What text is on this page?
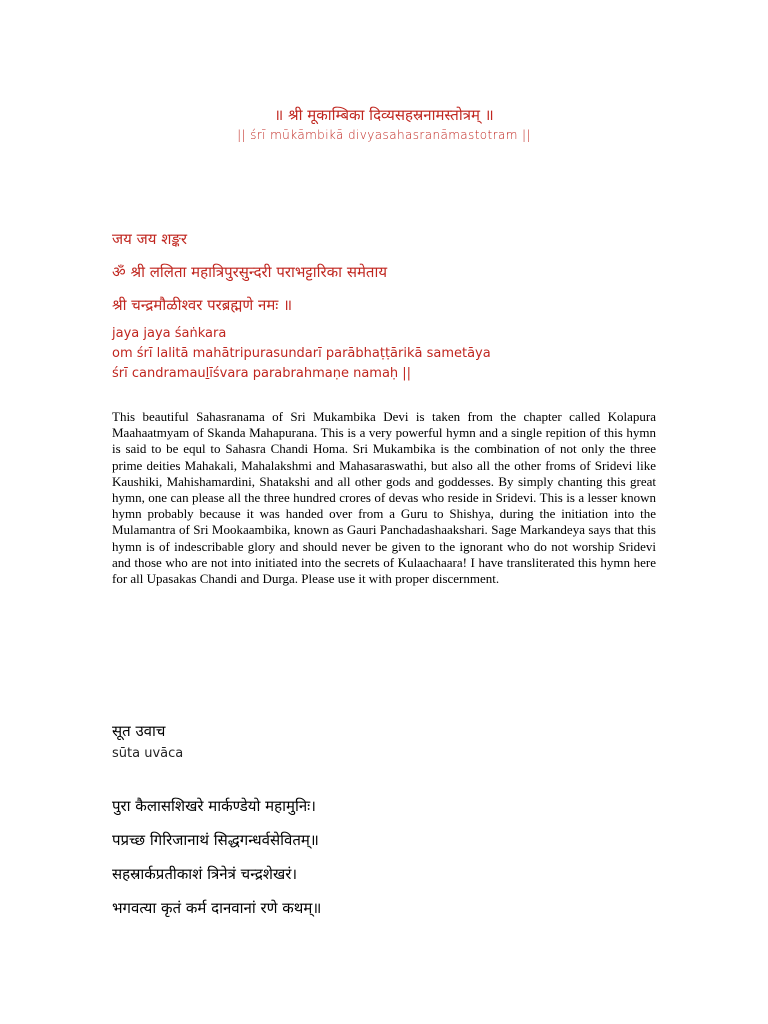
॥ श्री मूकाम्बिका दिव्यसहस्रनामस्तोत्रम् ॥
|| śrī mūkāmbikā divyasahasranāmastotram ||
जय जय शङ्कर
ॐ श्री ललिता महात्रिपुरसुन्दरी पराभट्टारिका समेताय
श्री चन्द्रमौळीश्वर परब्रह्मणे नमः ॥
jaya jaya śaṅkara
om śrī lalitā mahātripurasundarī parābhaṭṭārikā sametāya
śrī candramauḻīśvara parabrahmaṇe namaḥ ||
This beautiful Sahasranama of Sri Mukambika Devi is taken from the chapter called Kolapura Maahaatmyam of Skanda Mahapurana. This is a very powerful hymn and a single repition of this hymn is said to be equl to Sahasra Chandi Homa. Sri Mukambika is the combination of not only the three prime deities Mahakali, Mahalakshmi and Mahasaraswathi, but also all the other froms of Sridevi like Kaushiki, Mahishamardini, Shatakshi and all other gods and goddesses. By simply chanting this great hymn, one can please all the three hundred crores of devas who reside in Sridevi. This is a lesser known hymn probably because it was handed over from a Guru to Shishya, during the initiation into the Mulamantra of Sri Mookaambika, known as Gauri Panchadashaakshari. Sage Markandeya says that this hymn is of indescribable glory and should never be given to the ignorant who do not worship Sridevi and those who are not into initiated into the secrets of Kulaachaara! I have transliterated this hymn here for all Upasakas Chandi and Durga. Please use it with proper discernment.
सूत उवाच
sūta uvāca
पुरा कैलासशिखरे मार्कण्डेयो महामुनिः।
पप्रच्छ गिरिजानाथं सिद्धगन्धर्वसेवितम्॥
सहस्रार्कप्रतीकाशं त्रिनेत्रं चन्द्रशेखरं।
भगवत्या कृतं कर्म दानवानां रणे कथम्॥
